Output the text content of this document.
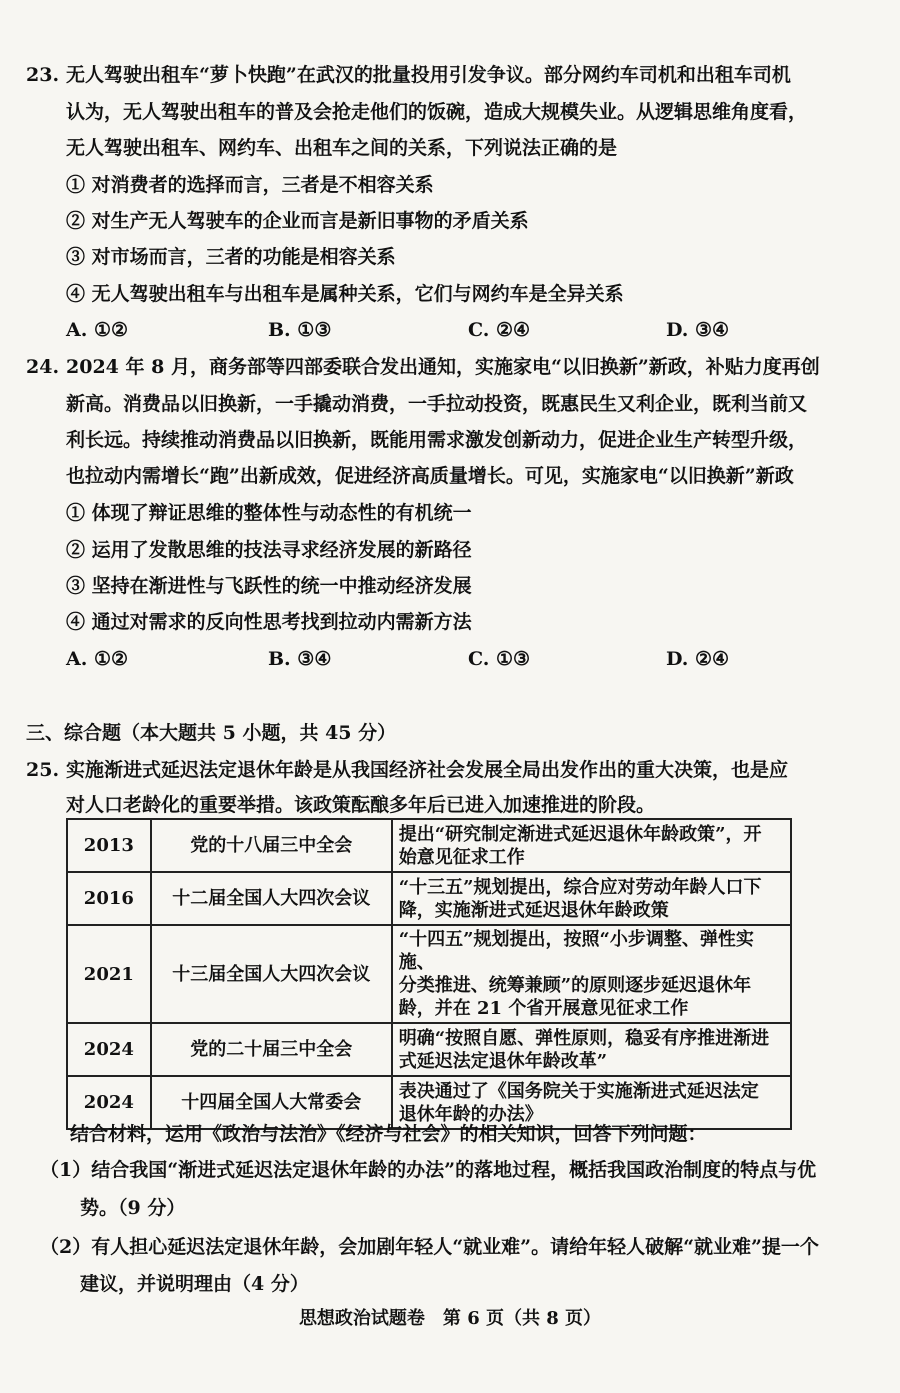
23. 无人驾驶出租车“萝卜快跑”在武汉的批量投用引发争议。部分网约车司机和出租车司机
认为，无人驾驶出租车的普及会抢走他们的饭碗，造成大规模失业。从逻辑思维角度看，
无人驾驶出租车、网约车、出租车之间的关系，下列说法正确的是
① 对消费者的选择而言，三者是不相容关系
② 对生产无人驾驶车的企业而言是新旧事物的矛盾关系
③ 对市场而言，三者的功能是相容关系
④ 无人驾驶出租车与出租车是属种关系，它们与网约车是全异关系
A. ①②	B. ①③	C. ②④	D. ③④
24. 2024 年 8 月，商务部等四部委联合发出通知，实施家电“以旧换新”新政，补贴力度再创
新高。消费品以旧换新，一手撬动消费，一手拉动投资，既惠民生又利企业，既利当前又
利长远。持续推动消费品以旧换新，既能用需求激发创新动力，促进企业生产转型升级，
也拉动内需增长“跑”出新成效，促进经济高质量增长。可见，实施家电“以旧换新”新政
① 体现了辩证思维的整体性与动态性的有机统一
② 运用了发散思维的技法寻求经济发展的新路径
③ 坚持在渐进性与飞跃性的统一中推动经济发展
④ 通过对需求的反向性思考找到拉动内需新方法
A. ①②	B. ③④	C. ①③	D. ②④
三、综合题（本大题共 5 小题，共 45 分）
25. 实施渐进式延迟法定退休年龄是从我国经济社会发展全局出发作出的重大决策，也是应
对人口老龄化的重要举措。该政策酝酿多年后已进入加速推进的阶段。
2013	党的十八届三中全会	提出“研究制定渐进式延迟退休年龄政策”，开
始意见征求工作

2016	十二届全国人大四次会议	“十三五”规划提出，综合应对劳动年龄人口下
降，实施渐进式延迟退休年龄政策

2021	十三届全国人大四次会议	“十四五”规划提出，按照“小步调整、弹性实施、
分类推进、统筹兼顾”的原则逐步延迟退休年
龄，并在 21 个省开展意见征求工作

2024	党的二十届三中全会	明确“按照自愿、弹性原则，稳妥有序推进渐进
式延迟法定退休年龄改革”

2024	十四届全国人大常委会	表决通过了《国务院关于实施渐进式延迟法定
退休年龄的办法》
结合材料，运用《政治与法治》《经济与社会》的相关知识，回答下列问题：
（1）结合我国“渐进式延迟法定退休年龄的办法”的落地过程，概括我国政治制度的特点与优
势。（9 分）
（2）有人担心延迟法定退休年龄，会加剧年轻人“就业难”。请给年轻人破解“就业难”提一个
建议，并说明理由（4 分）
思想政治试题卷　第 6 页（共 8 页）
